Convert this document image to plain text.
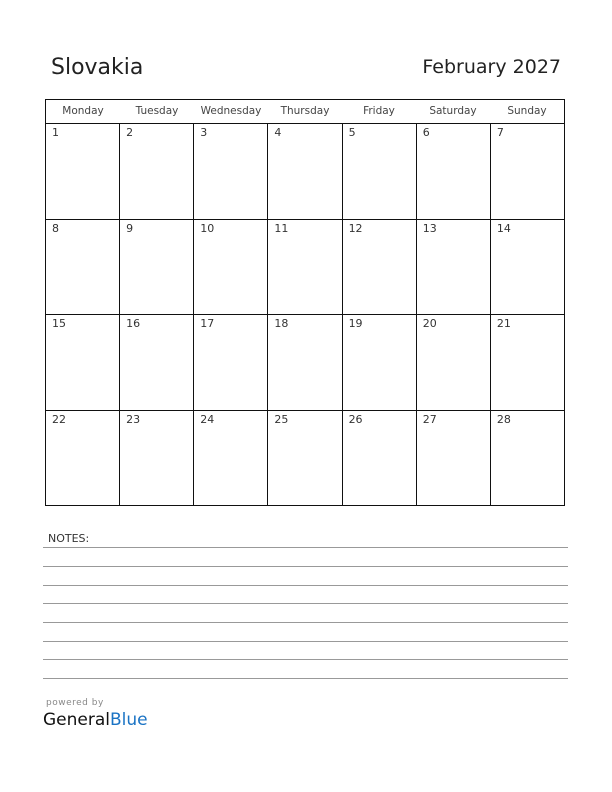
Slovakia	February 2027
Monday	Tuesday	Wednesday	Thursday	Friday	Saturday	Sunday
1	2	3	4	5	6	7
8	9	10	11	12	13	14
15	16	17	18	19	20	21
22	23	24	25	26	27	28
NOTES:
powered by
GeneralBlue
